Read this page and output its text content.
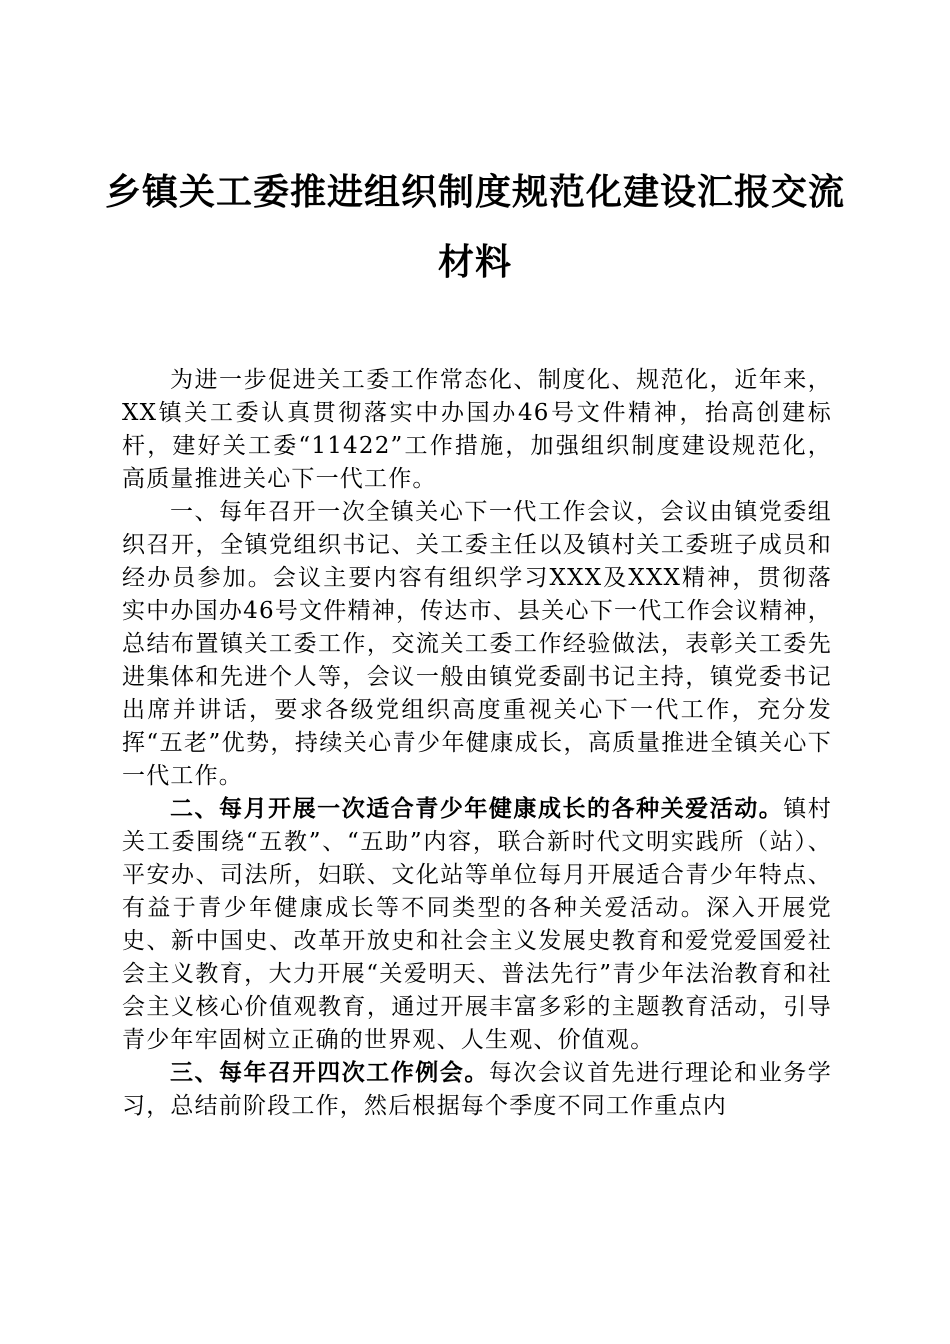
乡镇关工委推进组织制度规范化建设汇报交流
材料

为进一步促进关工委工作常态化、制度化、规范化，近年来，XX镇关工委认真贯彻落实中办国办46号文件精神，抬高创建标杆，建好关工委“11422”工作措施，加强组织制度建设规范化，高质量推进关心下一代工作。

一、每年召开一次全镇关心下一代工作会议，会议由镇党委组织召开，全镇党组织书记、关工委主任以及镇村关工委班子成员和经办员参加。会议主要内容有组织学习XXX及XXX精神，贯彻落实中办国办46号文件精神，传达市、县关心下一代工作会议精神，总结布置镇关工委工作，交流关工委工作经验做法，表彰关工委先进集体和先进个人等，会议一般由镇党委副书记主持，镇党委书记出席并讲话，要求各级党组织高度重视关心下一代工作，充分发挥“五老”优势，持续关心青少年健康成长，高质量推进全镇关心下一代工作。

二、每月开展一次适合青少年健康成长的各种关爱活动。镇村关工委围绕“五教”、“五助”内容，联合新时代文明实践所（站）、平安办、司法所，妇联、文化站等单位每月开展适合青少年特点、有益于青少年健康成长等不同类型的各种关爱活动。深入开展党史、新中国史、改革开放史和社会主义发展史教育和爱党爱国爱社会主义教育，大力开展“关爱明天、普法先行”青少年法治教育和社会主义核心价值观教育，通过开展丰富多彩的主题教育活动，引导青少年牢固树立正确的世界观、人生观、价值观。

三、每年召开四次工作例会。每次会议首先进行理论和业务学习，总结前阶段工作，然后根据每个季度不同工作重点内
